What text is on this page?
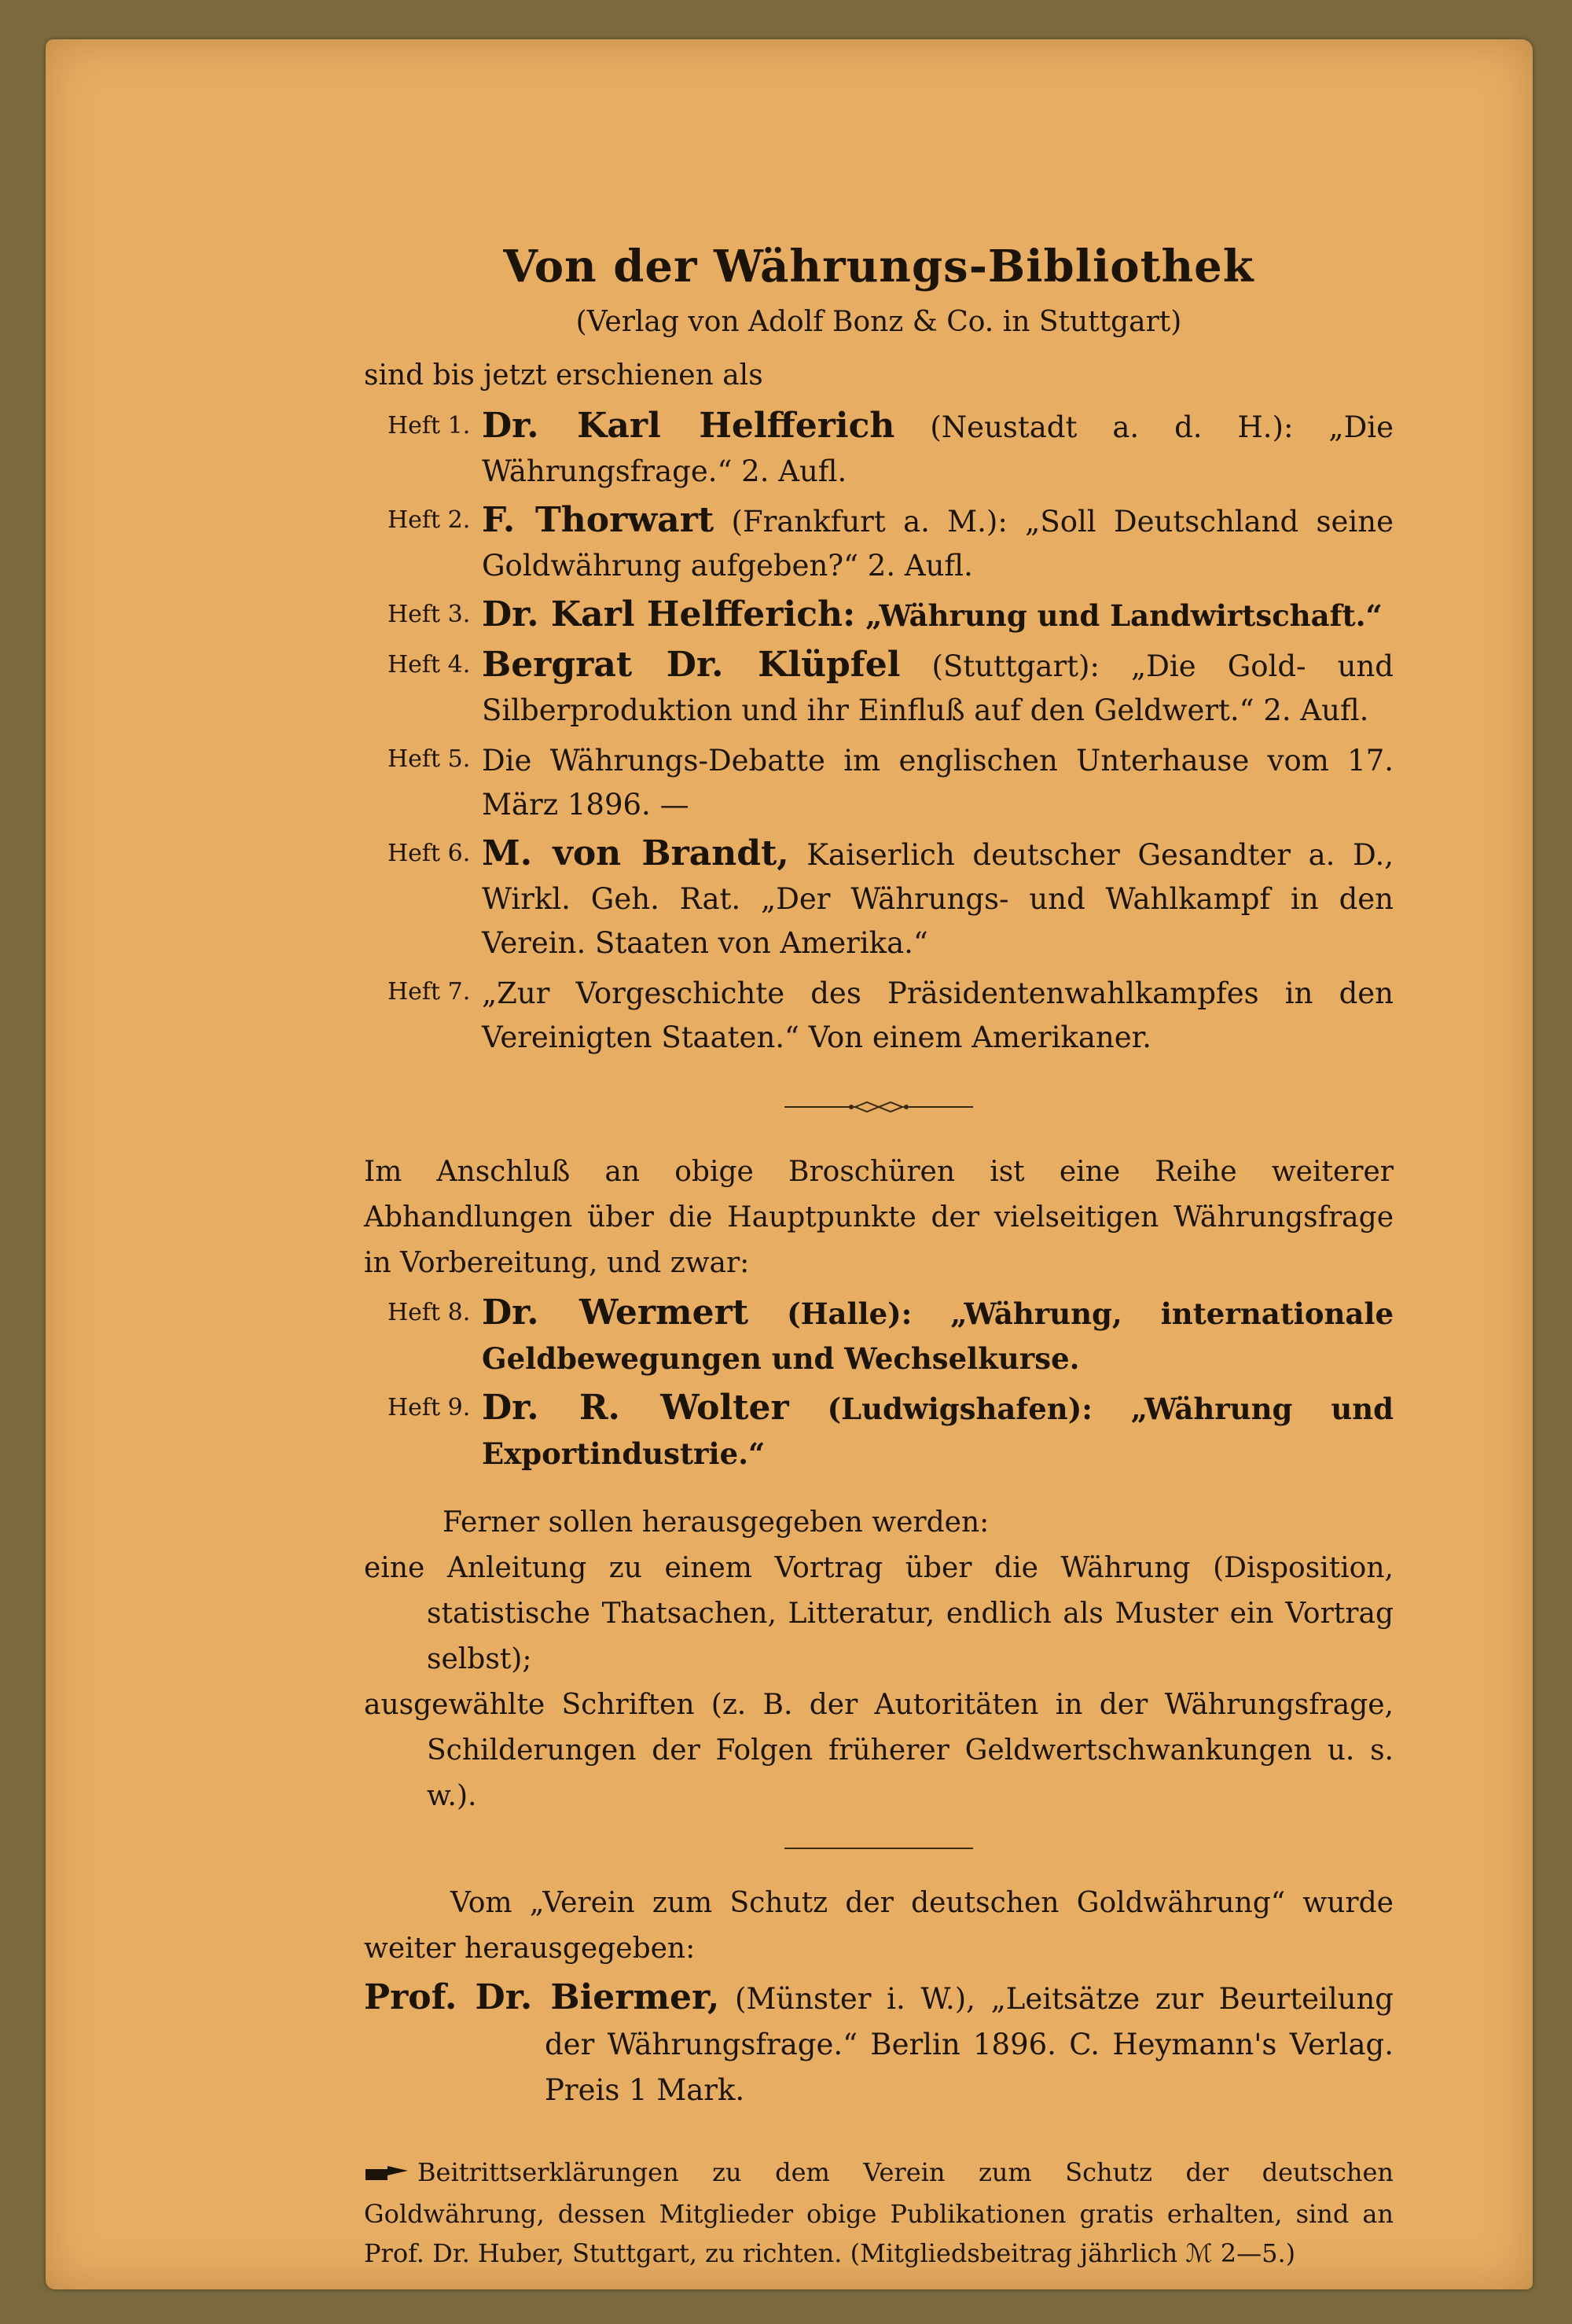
Von der Währungs-Bibliothek
(Verlag von Adolf Bonz & Co. in Stuttgart)
sind bis jetzt erschienen als
Heft 1. Dr. Karl Helfferich (Neustadt a. d. H.): „Die Währungsfrage.“ 2. Aufl.
Heft 2. F. Thorwart (Frankfurt a. M.): „Soll Deutschland seine Goldwährung aufgeben?“ 2. Aufl.
Heft 3. Dr. Karl Helfferich: „Währung und Landwirtschaft.“
Heft 4. Bergrat Dr. Klüpfel (Stuttgart): „Die Gold- und Silberproduktion und ihr Einfluß auf den Geldwert.“ 2. Aufl.
Heft 5. Die Währungs-Debatte im englischen Unterhause vom 17. März 1896. —
Heft 6. M. von Brandt, Kaiserlich deutscher Gesandter a. D., Wirkl. Geh. Rat. „Der Währungs- und Wahlkampf in den Verein. Staaten von Amerika.“
Heft 7. „Zur Vorgeschichte des Präsidentenwahlkampfes in den Vereinigten Staaten.“ Von einem Amerikaner.
Im Anschluß an obige Broschüren ist eine Reihe weiterer Abhandlungen über die Hauptpunkte der vielseitigen Währungsfrage in Vorbereitung, und zwar:
Heft 8. Dr. Wermert (Halle): „Währung, internationale Geldbewegungen und Wechselkurse.
Heft 9. Dr. R. Wolter (Ludwigshafen): „Währung und Exportindustrie.“
Ferner sollen herausgegeben werden:
eine Anleitung zu einem Vortrag über die Währung (Disposition, statistische Thatsachen, Litteratur, endlich als Muster ein Vortrag selbst);
ausgewählte Schriften (z. B. der Autoritäten in der Währungsfrage, Schilderungen der Folgen früherer Geldwertschwankungen u. s. w.).
Vom „Verein zum Schutz der deutschen Goldwährung“ wurde weiter herausgegeben:
Prof. Dr. Biermer, (Münster i. W.), „Leitsätze zur Beurteilung der Währungsfrage.“ Berlin 1896. C. Heymann's Verlag. Preis 1 Mark.
Beitrittserklärungen zu dem Verein zum Schutz der deutschen Goldwährung, dessen Mitglieder obige Publikationen gratis erhalten, sind an Prof. Dr. Huber, Stuttgart, zu richten. (Mitgliedsbeitrag jährlich ℳ 2—5.)
